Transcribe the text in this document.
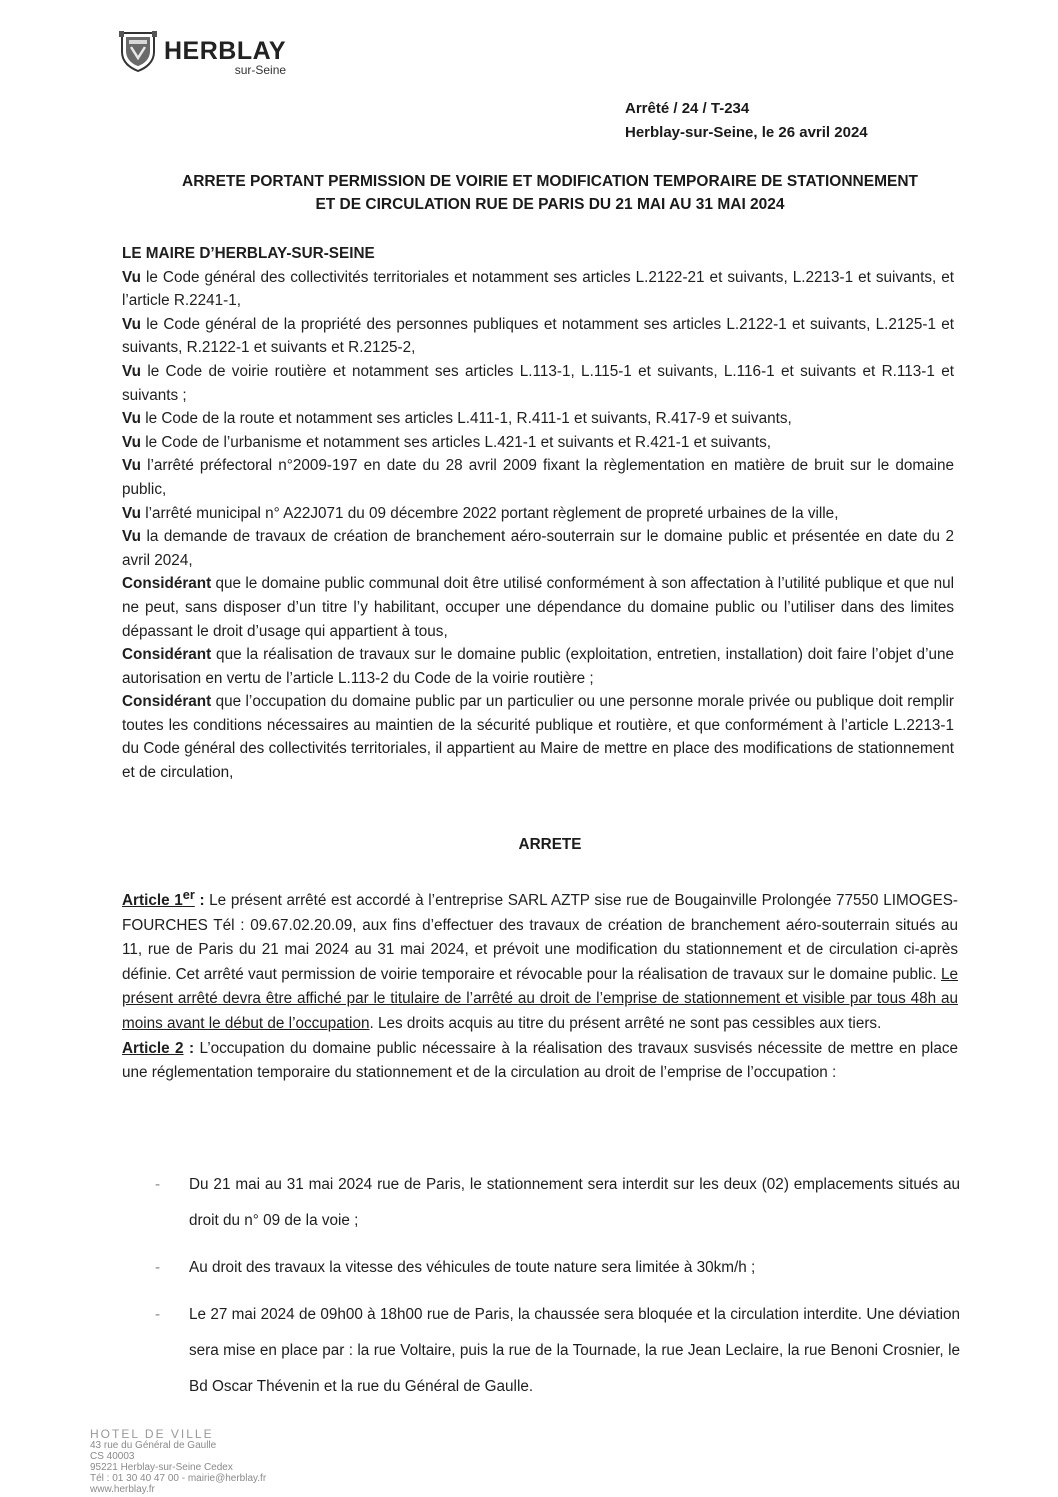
HERBLAY
sur-Seine
Arrêté / 24 / T-234
Herblay-sur-Seine, le 26 avril 2024
ARRETE PORTANT PERMISSION DE VOIRIE ET MODIFICATION TEMPORAIRE DE STATIONNEMENT
ET DE CIRCULATION RUE DE PARIS DU 21 MAI AU 31 MAI 2024

LE MAIRE D’HERBLAY-SUR-SEINE

Vu le Code général des collectivités territoriales et notamment ses articles L.2122-21 et suivants, L.2213-1 et suivants, et l’article R.2241-1,

Vu le Code général de la propriété des personnes publiques et notamment ses articles L.2122-1 et suivants, L.2125-1 et suivants, R.2122-1 et suivants et R.2125-2,

Vu le Code de voirie routière et notamment ses articles L.113-1, L.115-1 et suivants, L.116-1 et suivants et R.113-1 et suivants ;

Vu le Code de la route et notamment ses articles L.411-1, R.411-1 et suivants, R.417-9 et suivants,

Vu le Code de l’urbanisme et notamment ses articles L.421-1 et suivants et R.421-1 et suivants,

Vu l’arrêté préfectoral n°2009-197 en date du 28 avril 2009 fixant la règlementation en matière de bruit sur le domaine public,

Vu l’arrêté municipal n° A22J071 du 09 décembre 2022 portant règlement de propreté urbaines de la ville,

Vu la demande de travaux de création de branchement aéro-souterrain sur le domaine public et présentée en date du 2 avril 2024,

Considérant que le domaine public communal doit être utilisé conformément à son affectation à l’utilité publique et que nul ne peut, sans disposer d’un titre l’y habilitant, occuper une dépendance du domaine public ou l’utiliser dans des limites dépassant le droit d’usage qui appartient à tous,

Considérant que la réalisation de travaux sur le domaine public (exploitation, entretien, installation) doit faire l’objet d’une autorisation en vertu de l’article L.113-2 du Code de la voirie routière ;

Considérant que l’occupation du domaine public par un particulier ou une personne morale privée ou publique doit remplir toutes les conditions nécessaires au maintien de la sécurité publique et routière, et que conformément à l’article L.2213-1 du Code général des collectivités territoriales, il appartient au Maire de mettre en place des modifications de stationnement et de circulation,

ARRETE
Article 1er : Le présent arrêté est accordé à l’entreprise SARL AZTP sise rue de Bougainville Prolongée 77550 LIMOGES-FOURCHES Tél : 09.67.02.20.09, aux fins d’effectuer des travaux de création de branchement aéro-souterrain situés au 11, rue de Paris du 21 mai 2024 au 31 mai 2024, et prévoit une modification du stationnement et de circulation ci-après définie. Cet arrêté vaut permission de voirie temporaire et révocable pour la réalisation de travaux sur le domaine public. Le présent arrêté devra être affiché par le titulaire de l’arrêté au droit de l’emprise de stationnement et visible par tous 48h au moins avant le début de l’occupation. Les droits acquis au titre du présent arrêté ne sont pas cessibles aux tiers.
Article 2 : L’occupation du domaine public nécessaire à la réalisation des travaux susvisés nécessite de mettre en place une réglementation temporaire du stationnement et de la circulation au droit de l’emprise de l’occupation :
-	Du 21 mai au 31 mai 2024 rue de Paris, le stationnement sera interdit sur les deux (02) emplacements situés au droit du n° 09 de la voie ;
-	Au droit des travaux la vitesse des véhicules de toute nature sera limitée à 30km/h ;
-	Le 27 mai 2024 de 09h00 à 18h00 rue de Paris, la chaussée sera bloquée et la circulation interdite. Une déviation sera mise en place par : la rue Voltaire, puis la rue de la Tournade, la rue Jean Leclaire, la rue Benoni Crosnier, le Bd Oscar Thévenin et la rue du Général de Gaulle.
HOTEL DE VILLE
43 rue du Général de Gaulle
CS 40003
95221 Herblay-sur-Seine Cedex
Tél : 01 30 40 47 00 - mairie@herblay.fr
www.herblay.fr
